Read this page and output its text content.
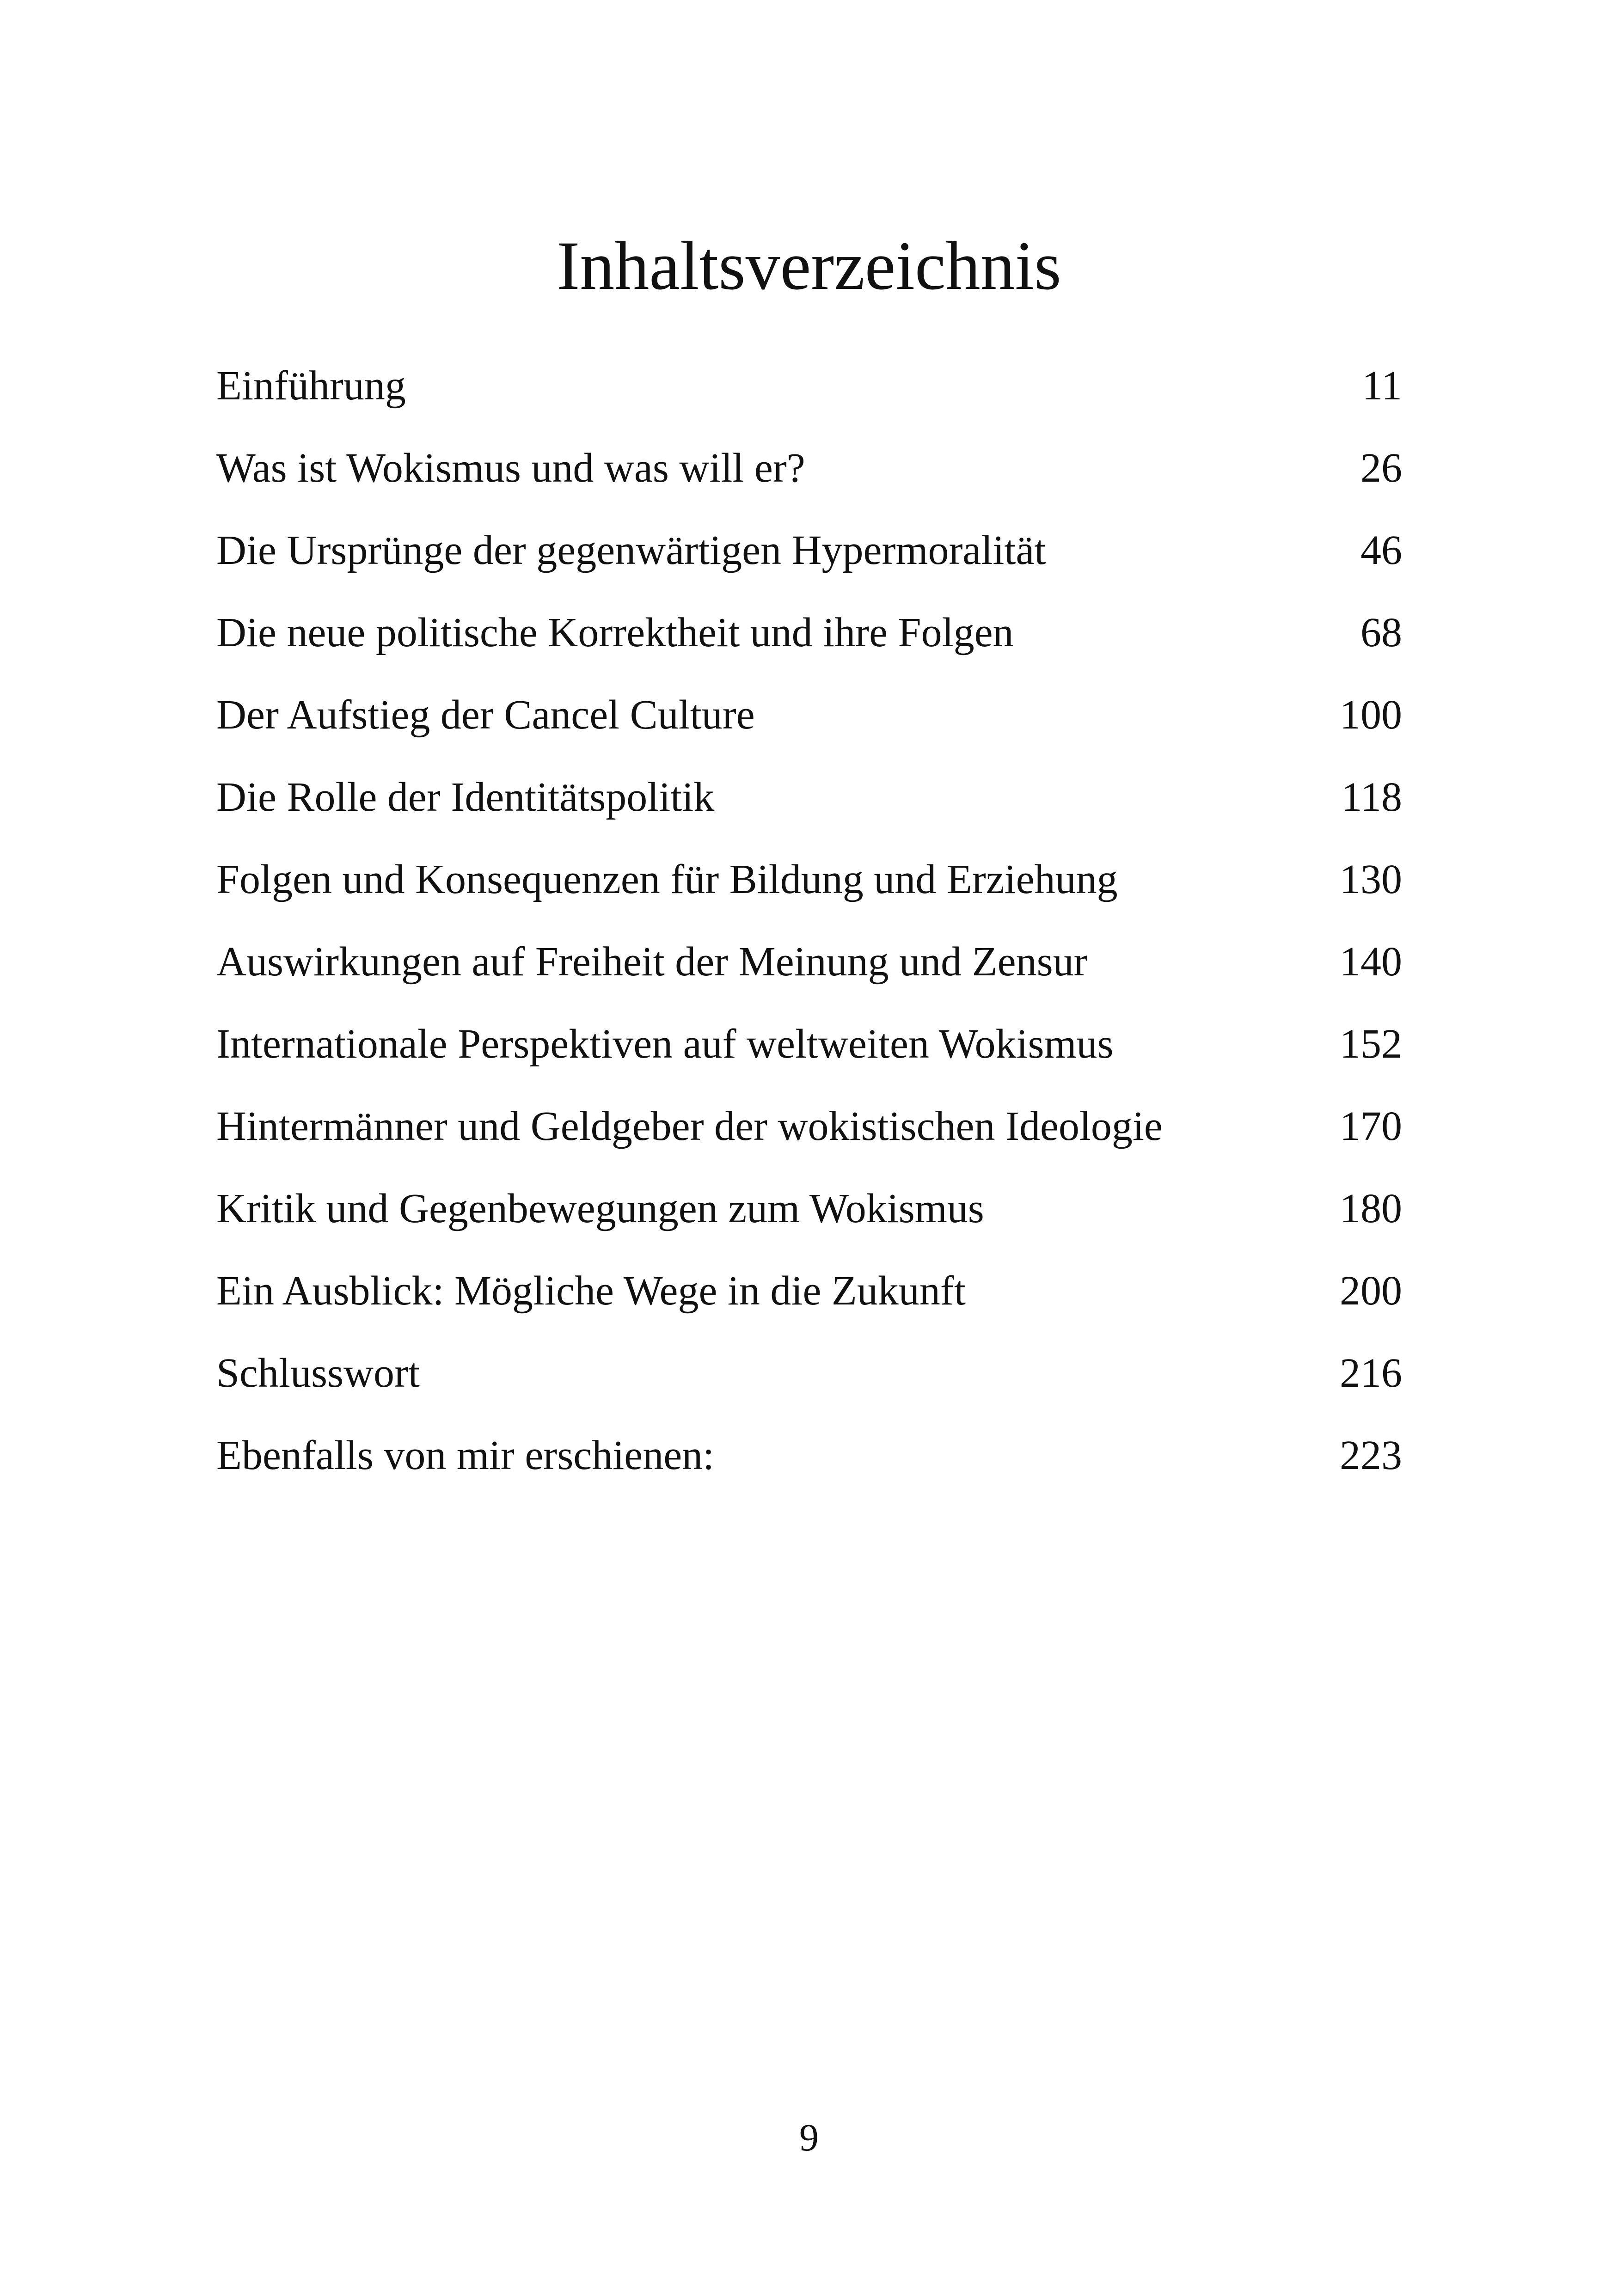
Inhaltsverzeichnis
Einführung	11
Was ist Wokismus und was will er?	26
Die Ursprünge der gegenwärtigen Hypermoralität	46
Die neue politische Korrektheit und ihre Folgen	68
Der Aufstieg der Cancel Culture	100
Die Rolle der Identitätspolitik	118
Folgen und Konsequenzen für Bildung und Erziehung	130
Auswirkungen auf Freiheit der Meinung und Zensur	140
Internationale Perspektiven auf weltweiten Wokismus	152
Hintermänner und Geldgeber der wokistischen Ideologie	170
Kritik und Gegenbewegungen zum Wokismus	180
Ein Ausblick: Mögliche Wege in die Zukunft	200
Schlusswort	216
Ebenfalls von mir erschienen:	223
9
